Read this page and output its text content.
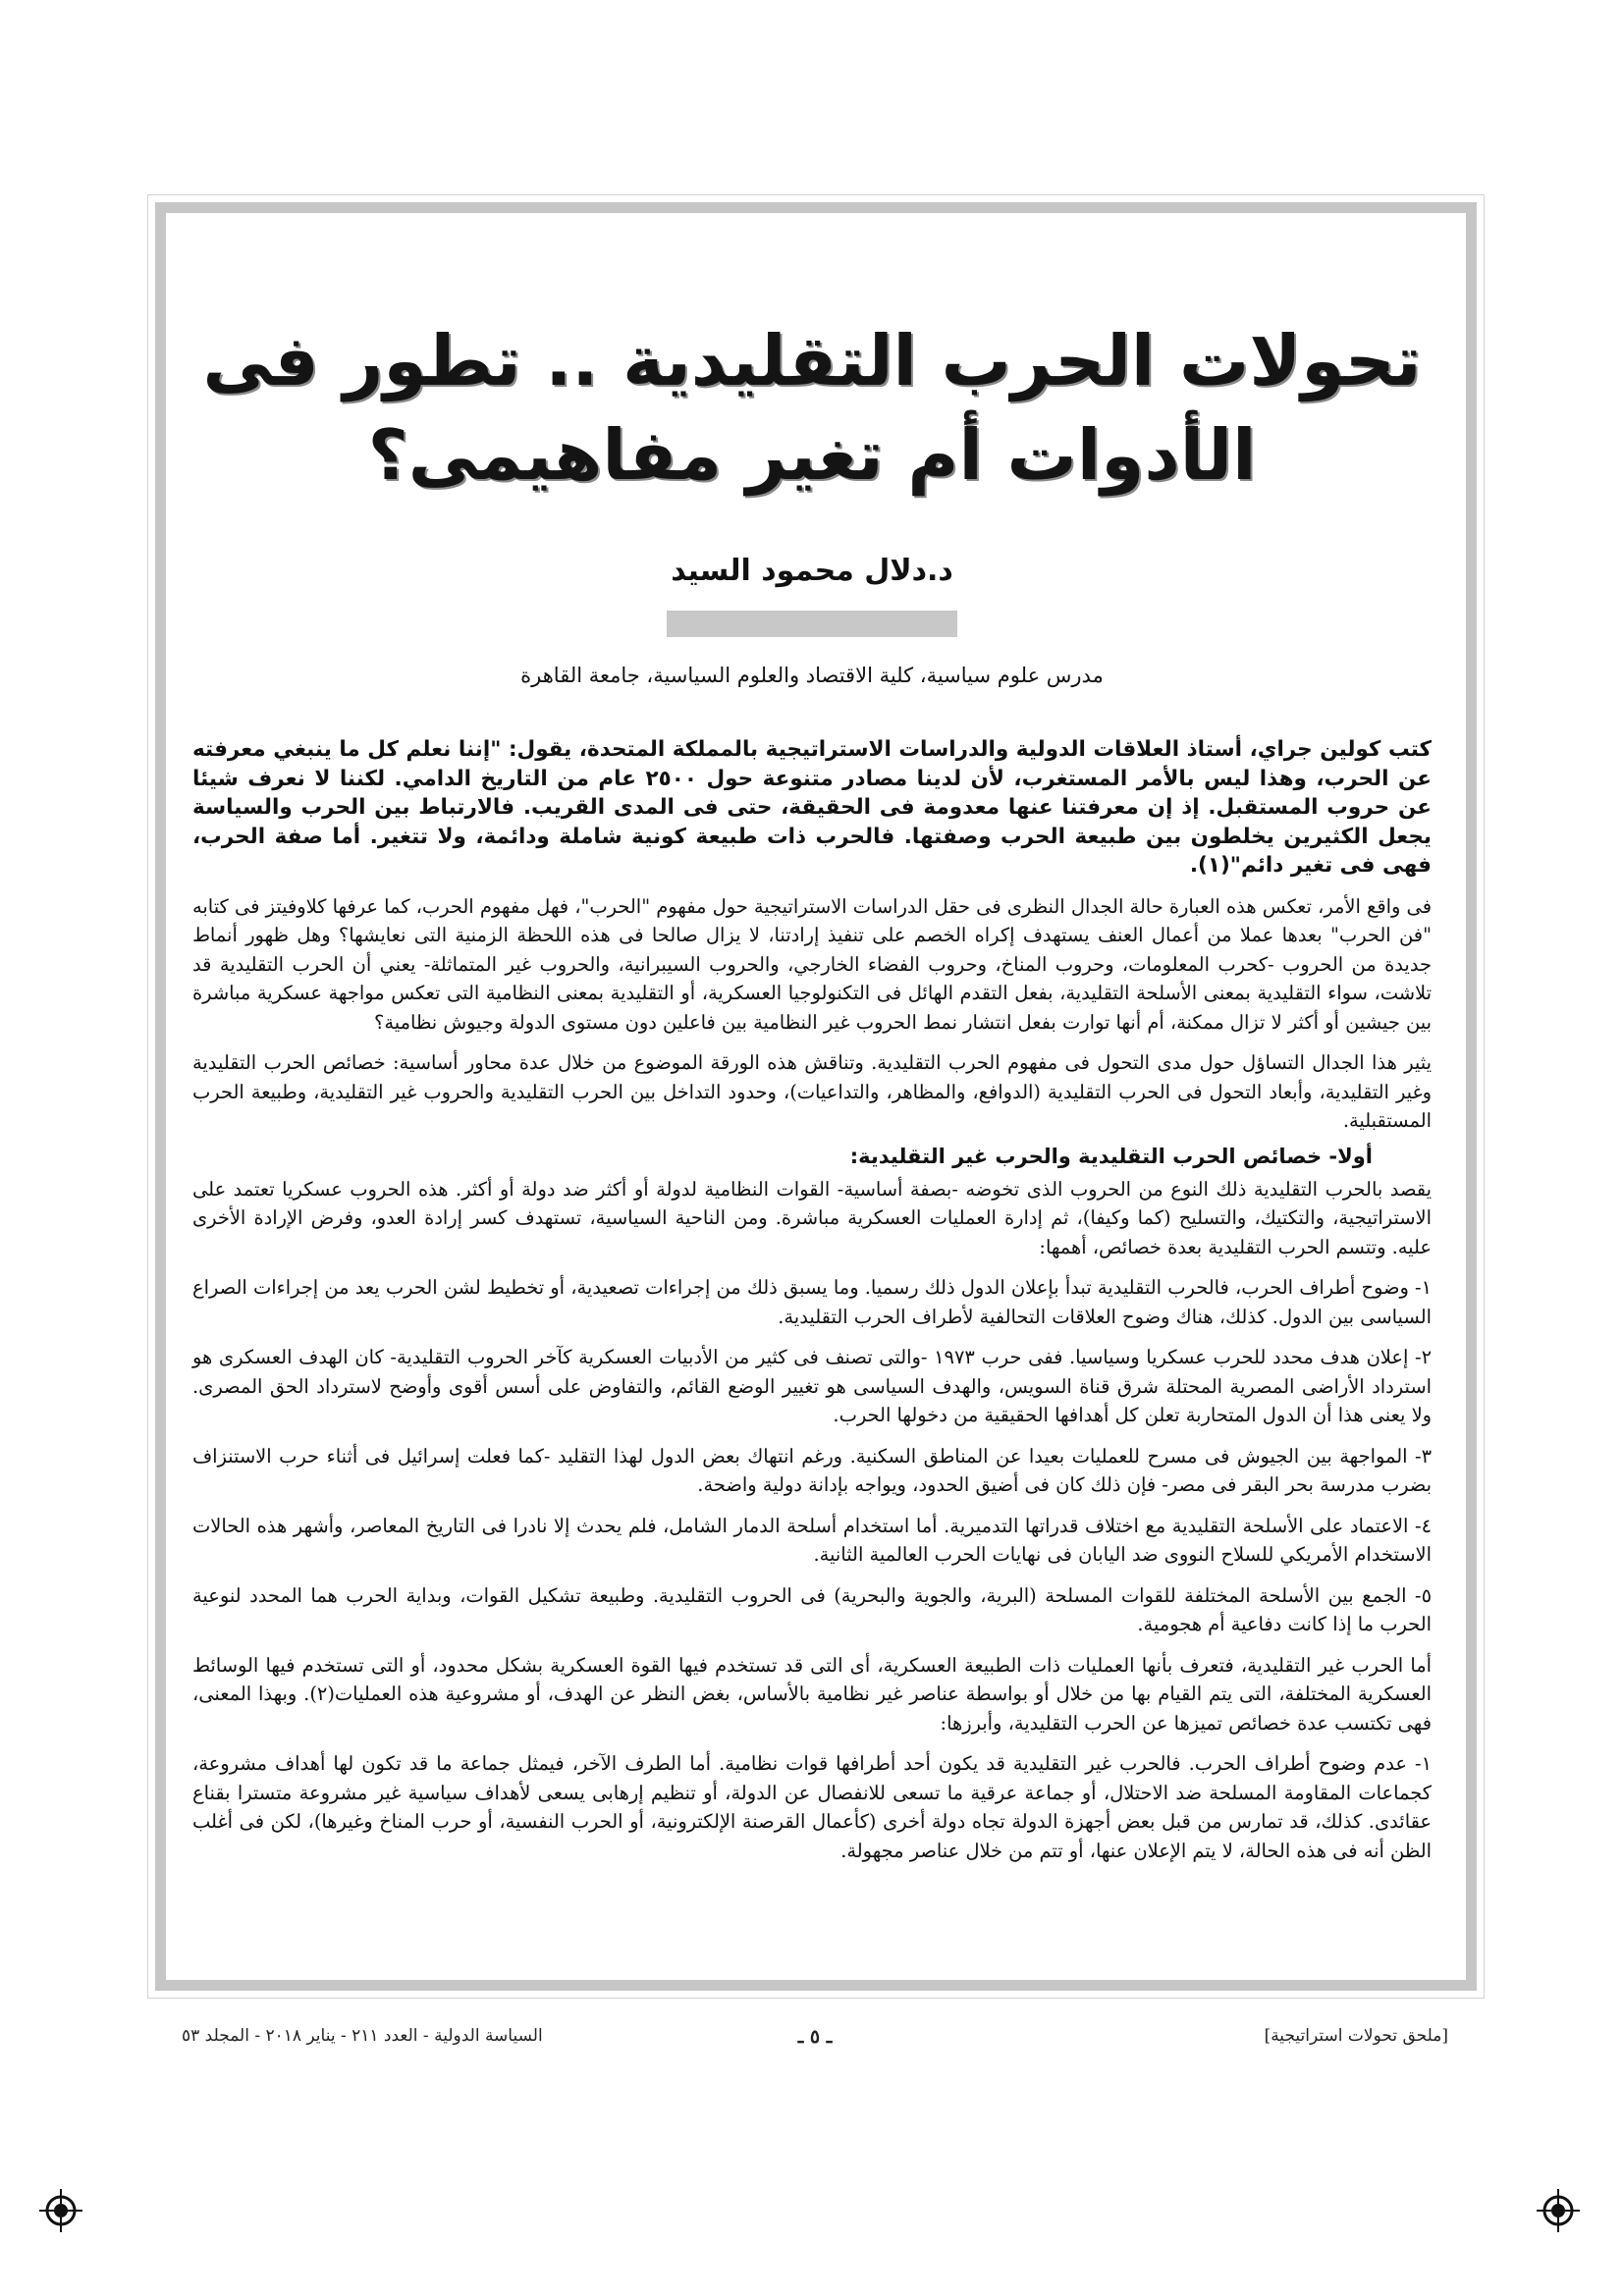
تحولات الحرب التقليدية .. تطور فى الأدوات أم تغير مفاهيمى؟
د.دلال محمود السيد
مدرس علوم سياسية، كلية الاقتصاد والعلوم السياسية، جامعة القاهرة
كتب كولين جراي، أستاذ العلاقات الدولية والدراسات الاستراتيجية بالمملكة المتحدة، يقول: "إننا نعلم كل ما ينبغي معرفته عن الحرب، وهذا ليس بالأمر المستغرب، لأن لدينا مصادر متنوعة حول ٢٥٠٠ عام من التاريخ الدامي. لكننا لا نعرف شيئا عن حروب المستقبل. إذ إن معرفتنا عنها معدومة فى الحقيقة، حتى فى المدى القريب. فالارتباط بين الحرب والسياسة يجعل الكثيرين يخلطون بين طبيعة الحرب وصفتها. فالحرب ذات طبيعة كونية شاملة ودائمة، ولا تتغير. أما صفة الحرب، فهى فى تغير دائم"(١).
فى واقع الأمر، تعكس هذه العبارة حالة الجدال النظرى فى حقل الدراسات الاستراتيجية حول مفهوم "الحرب"، فهل مفهوم الحرب، كما عرفها كلاوفيتز فى كتابه "فن الحرب" بعدها عملا من أعمال العنف يستهدف إكراه الخصم على تنفيذ إرادتنا، لا يزال صالحا فى هذه اللحظة الزمنية التى نعايشها؟ وهل ظهور أنماط جديدة من الحروب -كحرب المعلومات، وحروب المناخ، وحروب الفضاء الخارجي، والحروب السيبرانية، والحروب غير المتماثلة- يعني أن الحرب التقليدية قد تلاشت، سواء التقليدية بمعنى الأسلحة التقليدية، بفعل التقدم الهائل فى التكنولوجيا العسكرية، أو التقليدية بمعنى النظامية التى تعكس مواجهة عسكرية مباشرة بين جيشين أو أكثر لا تزال ممكنة، أم أنها توارت بفعل انتشار نمط الحروب غير النظامية بين فاعلين دون مستوى الدولة وجيوش نظامية؟
يثير هذا الجدال التساؤل حول مدى التحول فى مفهوم الحرب التقليدية. وتناقش هذه الورقة الموضوع من خلال عدة محاور أساسية: خصائص الحرب التقليدية وغير التقليدية، وأبعاد التحول فى الحرب التقليدية (الدوافع، والمظاهر، والتداعيات)، وحدود التداخل بين الحرب التقليدية والحروب غير التقليدية، وطبيعة الحرب المستقبلية.
أولا- خصائص الحرب التقليدية والحرب غير التقليدية:
يقصد بالحرب التقليدية ذلك النوع من الحروب الذى تخوضه -بصفة أساسية- القوات النظامية لدولة أو أكثر ضد دولة أو أكثر. هذه الحروب عسكريا تعتمد على الاستراتيجية، والتكتيك، والتسليح (كما وكيفا)، ثم إدارة العمليات العسكرية مباشرة. ومن الناحية السياسية، تستهدف كسر إرادة العدو، وفرض الإرادة الأخرى عليه. وتتسم الحرب التقليدية بعدة خصائص، أهمها:
١- وضوح أطراف الحرب، فالحرب التقليدية تبدأ بإعلان الدول ذلك رسميا. وما يسبق ذلك من إجراءات تصعيدية، أو تخطيط لشن الحرب يعد من إجراءات الصراع السياسى بين الدول. كذلك، هناك وضوح العلاقات التحالفية لأطراف الحرب التقليدية.
٢- إعلان هدف محدد للحرب عسكريا وسياسيا. ففى حرب ١٩٧٣ -والتى تصنف فى كثير من الأدبيات العسكرية كآخر الحروب التقليدية- كان الهدف العسكرى هو استرداد الأراضى المصرية المحتلة شرق قناة السويس، والهدف السياسى هو تغيير الوضع القائم، والتفاوض على أسس أقوى وأوضح لاسترداد الحق المصرى. ولا يعنى هذا أن الدول المتحاربة تعلن كل أهدافها الحقيقية من دخولها الحرب.
٣- المواجهة بين الجيوش فى مسرح للعمليات بعيدا عن المناطق السكنية. ورغم انتهاك بعض الدول لهذا التقليد -كما فعلت إسرائيل فى أثناء حرب الاستنزاف بضرب مدرسة بحر البقر فى مصر- فإن ذلك كان فى أضيق الحدود، ويواجه بإدانة دولية واضحة.
٤- الاعتماد على الأسلحة التقليدية مع اختلاف قدراتها التدميرية. أما استخدام أسلحة الدمار الشامل، فلم يحدث إلا نادرا فى التاريخ المعاصر، وأشهر هذه الحالات الاستخدام الأمريكي للسلاح النووى ضد اليابان فى نهايات الحرب العالمية الثانية.
٥- الجمع بين الأسلحة المختلفة للقوات المسلحة (البرية، والجوية والبحرية) فى الحروب التقليدية. وطبيعة تشكيل القوات، وبداية الحرب هما المحدد لنوعية الحرب ما إذا كانت دفاعية أم هجومية.
أما الحرب غير التقليدية، فتعرف بأنها العمليات ذات الطبيعة العسكرية، أى التى قد تستخدم فيها القوة العسكرية بشكل محدود، أو التى تستخدم فيها الوسائط العسكرية المختلفة، التى يتم القيام بها من خلال أو بواسطة عناصر غير نظامية بالأساس، بغض النظر عن الهدف، أو مشروعية هذه العمليات(٢). وبهذا المعنى، فهى تكتسب عدة خصائص تميزها عن الحرب التقليدية، وأبرزها:
١- عدم وضوح أطراف الحرب. فالحرب غير التقليدية قد يكون أحد أطرافها قوات نظامية. أما الطرف الآخر، فيمثل جماعة ما قد تكون لها أهداف مشروعة، كجماعات المقاومة المسلحة ضد الاحتلال، أو جماعة عرقية ما تسعى للانفصال عن الدولة، أو تنظيم إرهابى يسعى لأهداف سياسية غير مشروعة متسترا بقناع عقائدى. كذلك، قد تمارس من قبل بعض أجهزة الدولة تجاه دولة أخرى (كأعمال القرصنة الإلكترونية، أو الحرب النفسية، أو حرب المناخ وغيرها)، لكن فى أغلب الظن أنه فى هذه الحالة، لا يتم الإعلان عنها، أو تتم من خلال عناصر مجهولة.
[ملحق تحولات استراتيجية]
ـ ٥ ـ
السياسة الدولية - العدد ٢١١ - يناير ٢٠١٨ - المجلد ٥٣
